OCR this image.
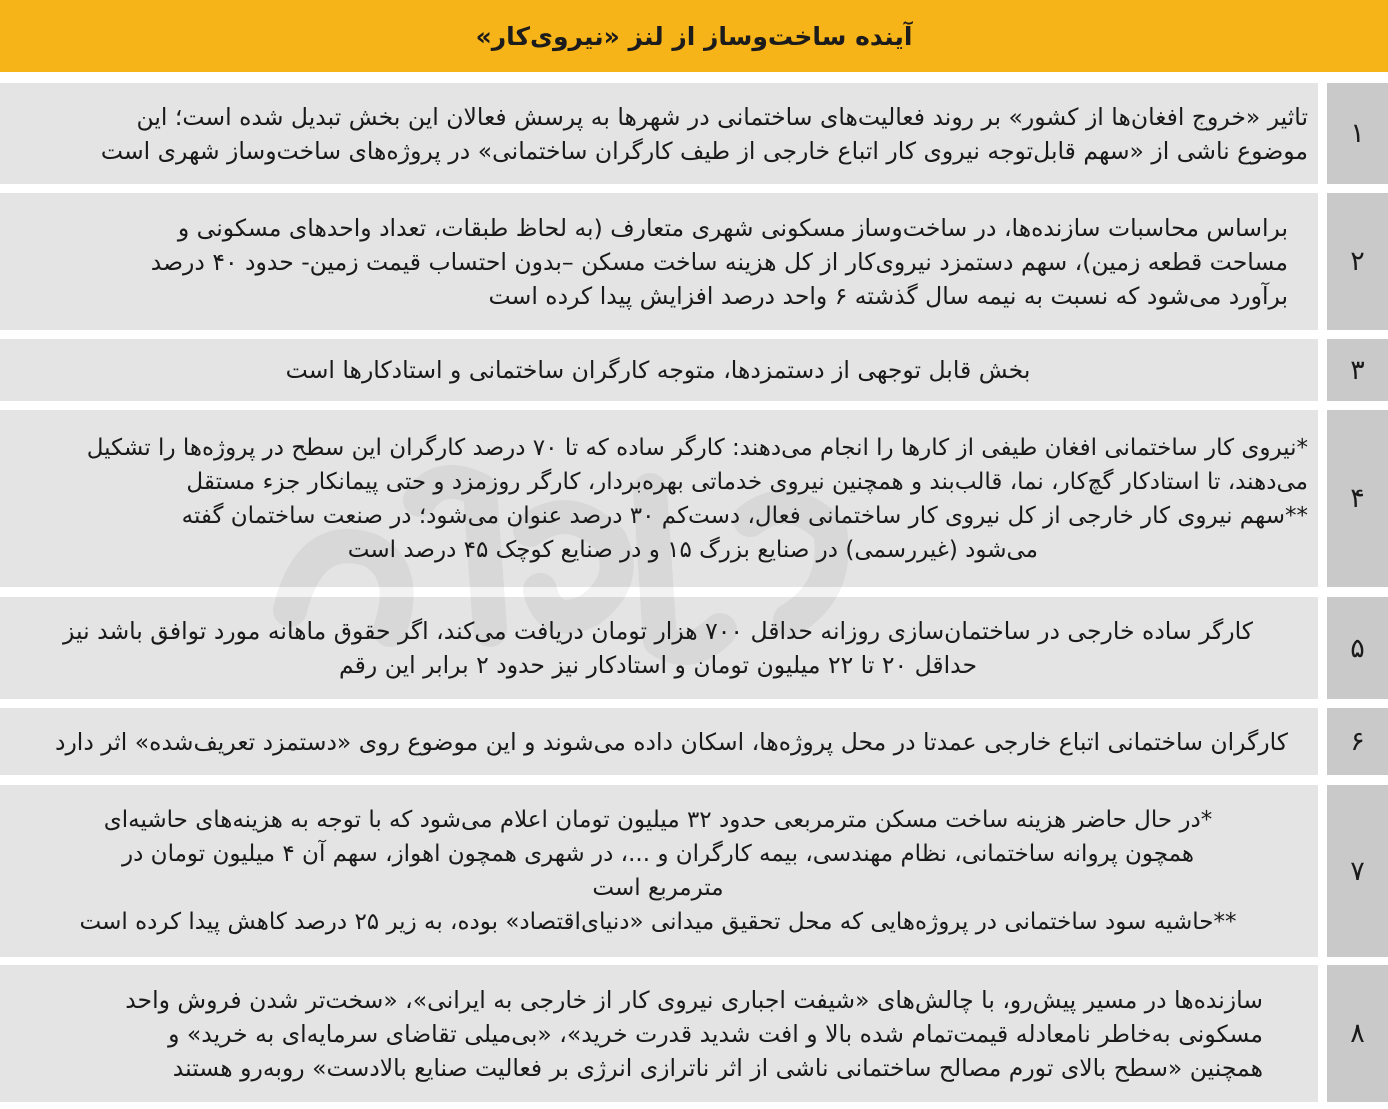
آینده ساخت‌وساز از لنز «نیروی‌کار»
تاثیر «خروج افغان‌ها از کشور» بر روند فعالیت‌های ساختمانی در شهرها به پرسش فعالان این بخش تبدیل شده است؛ این
موضوع ناشی از «سهم قابل‌توجه نیروی کار اتباع خارجی از طیف کارگران ساختمانی» در پروژه‌های ساخت‌وساز شهری است
۱
براساس محاسبات سازنده‌ها، در ساخت‌وساز مسکونی شهری متعارف (به لحاظ طبقات، تعداد واحدهای مسکونی و
مساحت قطعه زمین)، سهم دستمزد نیروی‌کار از کل هزینه ساخت مسکن –بدون احتساب قیمت زمین- حدود ۴۰ درصد
برآورد می‌شود که نسبت به نیمه سال گذشته ۶ واحد درصد افزایش پیدا کرده است
۲
بخش قابل توجهی از دستمزدها، متوجه کارگران ساختمانی و استادکارها است	۳
*نیروی کار ساختمانی افغان طیفی از کارها را انجام می‌دهند: کارگر ساده که تا ۷۰ درصد کارگران این سطح در پروژه‌ها را تشکیل
می‌دهند، تا استادکار گچ‌کار، نما، قالب‌بند و همچنین نیروی خدماتی بهره‌بردار، کارگر روزمزد و حتی پیمانکار جزء مستقل
**سهم نیروی کار خارجی از کل نیروی کار ساختمانی فعال، دست‌کم ۳۰ درصد عنوان می‌شود؛ در صنعت ساختمان گفته
می‌شود (غیررسمی) در صنایع بزرگ ۱۵ و در صنایع کوچک ۴۵ درصد است
۴
کارگر ساده خارجی در ساختمان‌سازی روزانه حداقل ۷۰۰ هزار تومان دریافت می‌کند، اگر حقوق ماهانه مورد توافق باشد نیز
حداقل ۲۰ تا ۲۲ میلیون تومان و استادکار نیز حدود ۲ برابر این رقم
۵
کارگران ساختمانی اتباع خارجی عمدتا در محل پروژه‌ها، اسکان داده می‌شوند و این موضوع روی «دستمزد تعریف‌شده» اثر دارد	۶
*در حال حاضر هزینه ساخت مسکن مترمربعی حدود ۳۲ میلیون تومان اعلام می‌شود که با توجه به هزینه‌های حاشیه‌ای
همچون پروانه ساختمانی، نظام مهندسی، بیمه کارگران و ...، در شهری همچون اهواز، سهم آن ۴ میلیون تومان در
مترمربع است
**حاشیه سود ساختمانی در پروژه‌هایی که محل تحقیق میدانی «دنیای‌اقتصاد» بوده، به زیر ۲۵ درصد کاهش پیدا کرده است
۷
سازنده‌ها در مسیر پیش‌رو، با چالش‌های «شیفت اجباری نیروی کار از خارجی به ایرانی»، «سخت‌تر شدن فروش واحد
مسکونی به‌خاطر نامعادله قیمت‌تمام شده بالا و افت شدید قدرت خرید»، «بی‌میلی تقاضای سرمایه‌ای به خرید» و
همچنین «سطح بالای تورم مصالح ساختمانی ناشی از اثر ناترازی انرژی بر فعالیت صنایع بالادست» روبه‌رو هستند
۸
